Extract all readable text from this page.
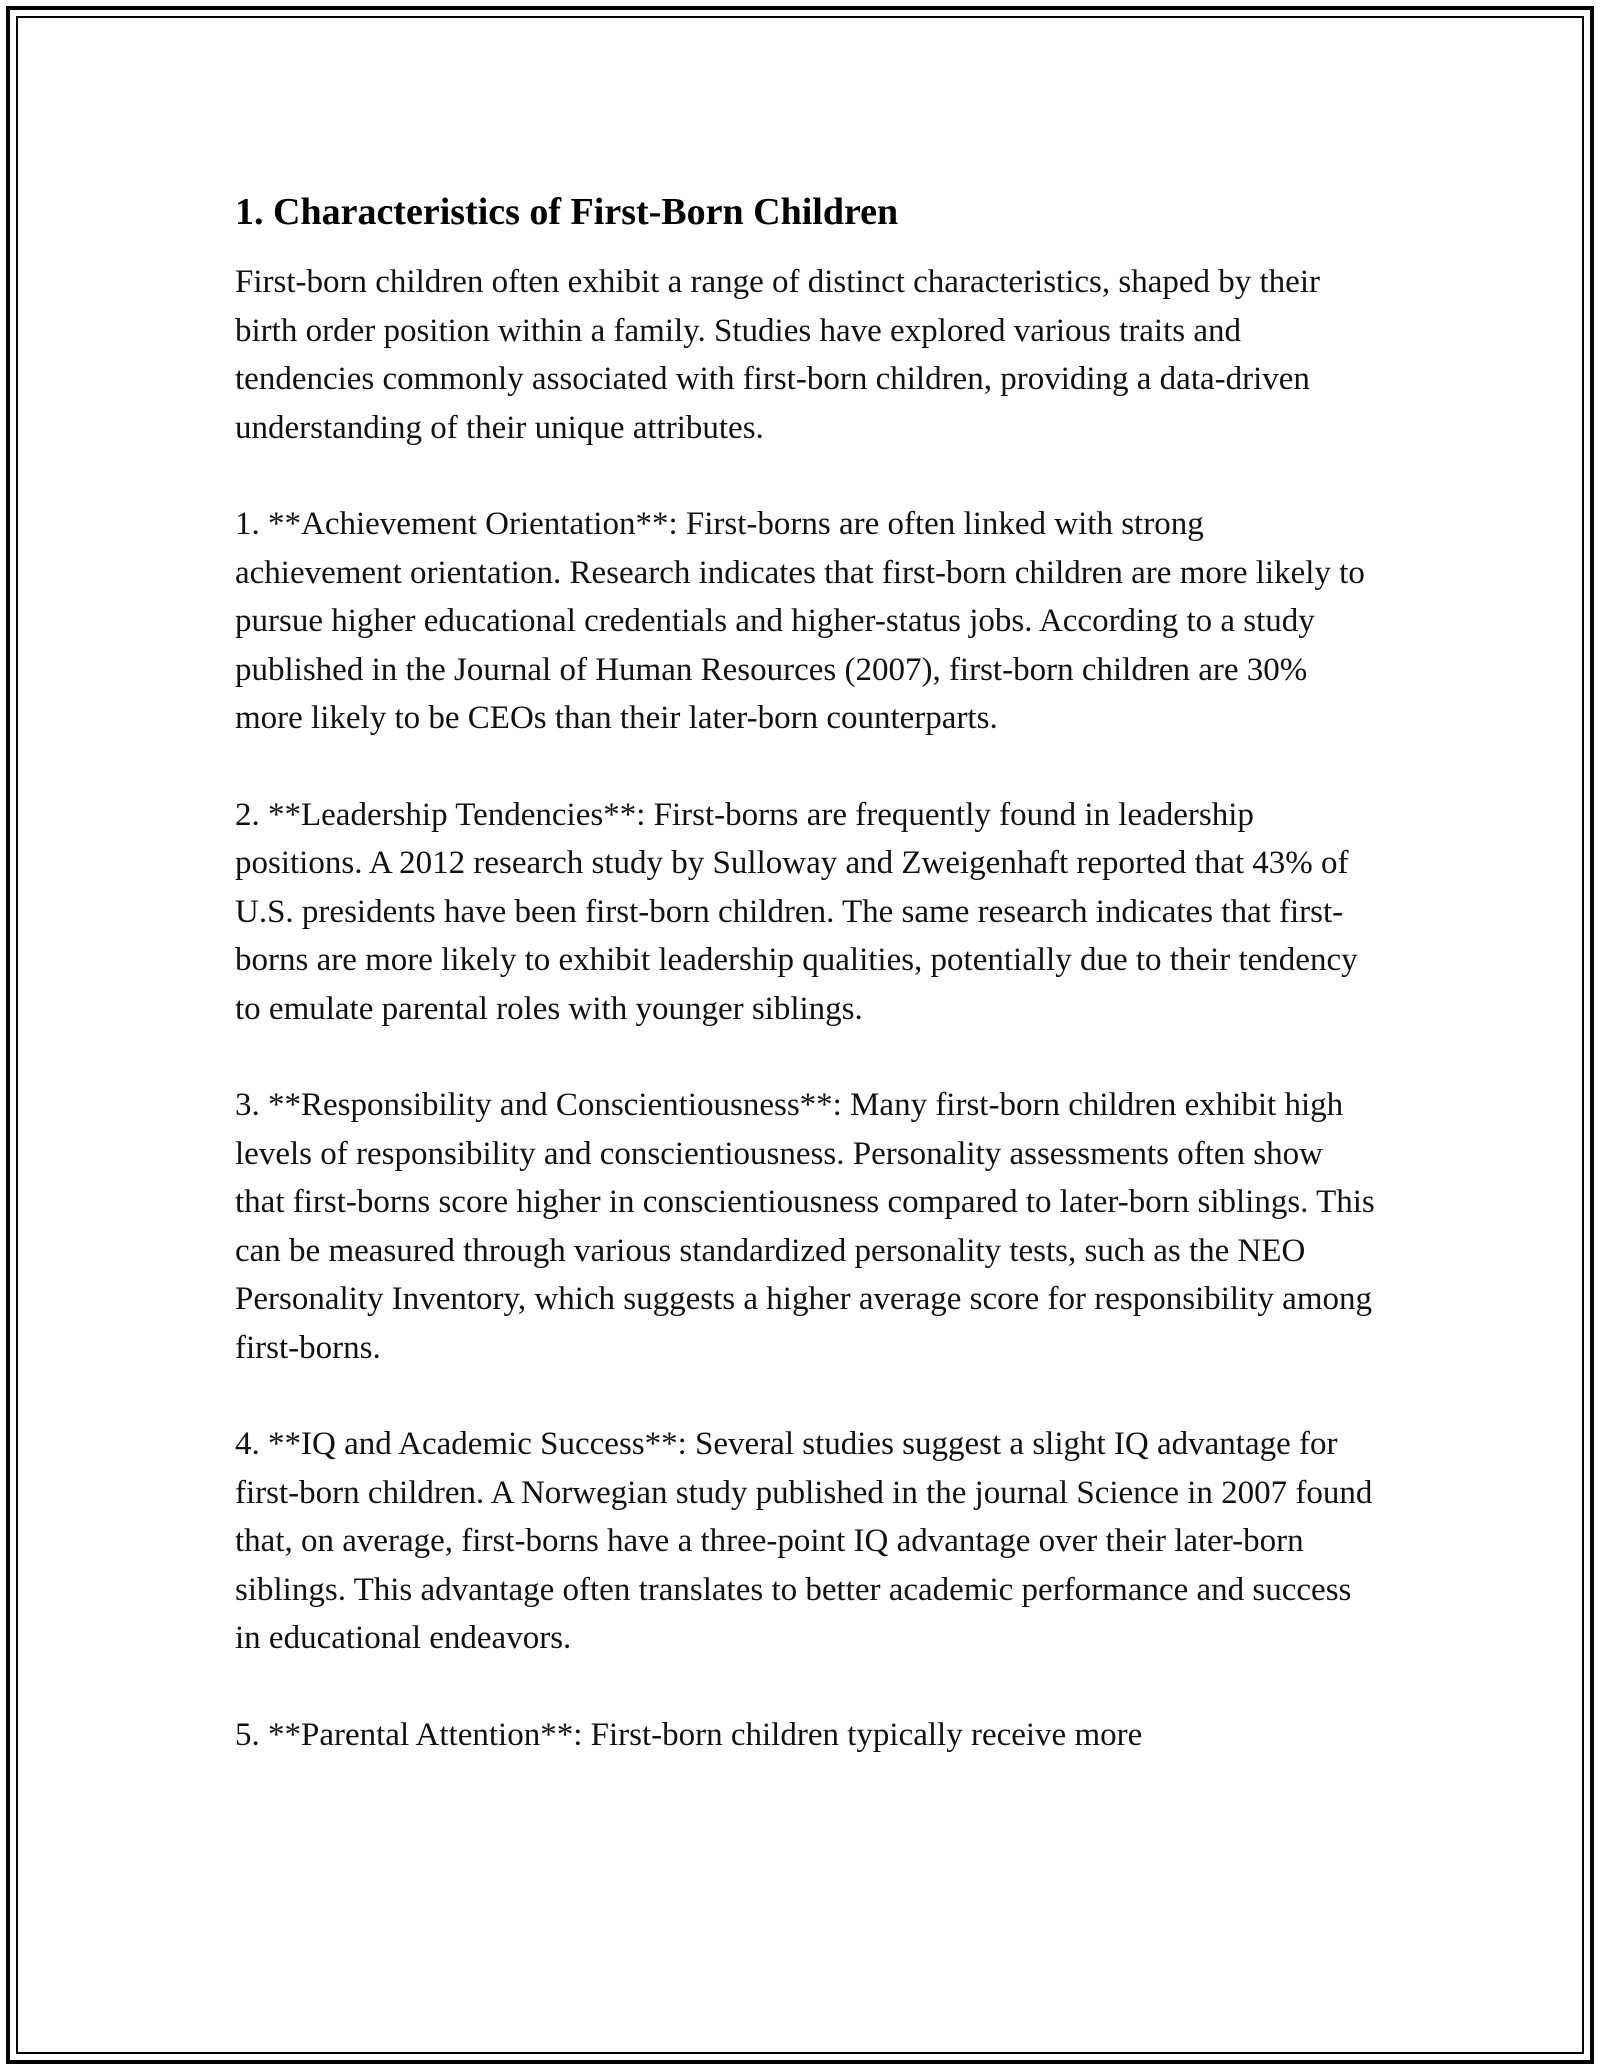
1. Characteristics of First-Born Children

First-born children often exhibit a range of distinct characteristics, shaped by their birth order position within a family. Studies have explored various traits and tendencies commonly associated with first-born children, providing a data-driven understanding of their unique attributes.

1. **Achievement Orientation**: First-borns are often linked with strong achievement orientation. Research indicates that first-born children are more likely to pursue higher educational credentials and higher-status jobs. According to a study published in the Journal of Human Resources (2007), first-born children are 30% more likely to be CEOs than their later-born counterparts.

2. **Leadership Tendencies**: First-borns are frequently found in leadership positions. A 2012 research study by Sulloway and Zweigenhaft reported that 43% of U.S. presidents have been first-born children. The same research indicates that first-borns are more likely to exhibit leadership qualities, potentially due to their tendency to emulate parental roles with younger siblings.

3. **Responsibility and Conscientiousness**: Many first-born children exhibit high levels of responsibility and conscientiousness. Personality assessments often show that first-borns score higher in conscientiousness compared to later-born siblings. This can be measured through various standardized personality tests, such as the NEO Personality Inventory, which suggests a higher average score for responsibility among first-borns.

4. **IQ and Academic Success**: Several studies suggest a slight IQ advantage for first-born children. A Norwegian study published in the journal Science in 2007 found that, on average, first-borns have a three-point IQ advantage over their later-born siblings. This advantage often translates to better academic performance and success in educational endeavors.

5. **Parental Attention**: First-born children typically receive more
